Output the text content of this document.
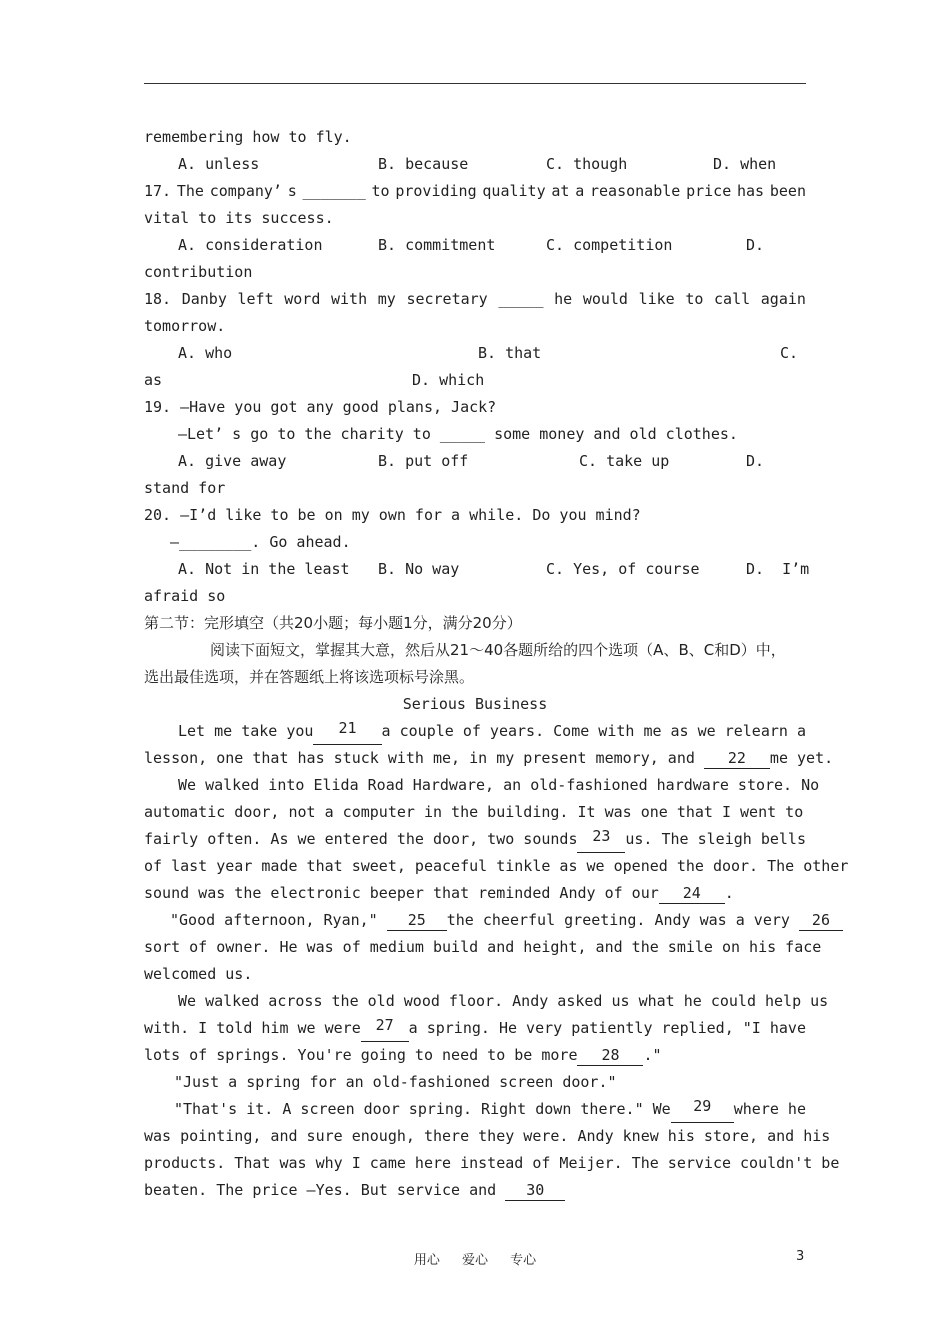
remembering how to fly.

A. unless

	B. because

	C. though

	D. when

17. The company’ s _______ to providing quality at a reasonable price has been
vital to its success.

A. consideration

	B. commitment

	C. competition

	D.

contribution
18. Danby left word with my secretary _____ he would like to call again
tomorrow.

A. who

	B. that

	C.

as

	D. which

19. —Have you got any good plans, Jack?
—Let’ s go to the charity to _____ some money and old clothes.

A. give away

	B. put off

	C. take up

	D.

stand for
20. —I’d like to be on my own for a while. Do you mind?
—________. Go ahead.

A. Not in the least

B. No way

	C. Yes, of course

	D.  I’m

afraid so
第二节：完形填空（共20小题；每小题1分，满分20分）
阅读下面短文，掌握其大意，然后从21～40各题所给的四个选项（A、B、C和D）中，
选出最佳选项，并在答题纸上将该选项标号涂黑。
Serious Business
Let me take you	21	a couple of years. Come with me as we relearn a
lesson, one that has stuck with me, in my present memory, and 22 me yet.
We walked into Elida Road Hardware, an old-fashioned hardware store. No
automatic door, not a computer in the building. It was one that I went to
fairly often. As we entered the door, two sounds 23 us. The sleigh bells
of last year made that sweet, peaceful tinkle as we opened the door. The other
sound was the electronic beeper that reminded Andy of our 24 .
"Good afternoon, Ryan," 25 the cheerful greeting. Andy was a very 26
sort of owner. He was of medium build and height, and the smile on his face
welcomed us.
We walked across the old wood floor. Andy asked us what he could help us
with. I told him we were 27 a spring. He very patiently replied, "I have
lots of springs. You're going to need to be more 28 ."
"Just a spring for an old-fashioned screen door."
"That's it. A screen door spring. Right down there." We	29	where he
was pointing, and sure enough, there they were. Andy knew his store, and his
products. That was why I came here instead of Meijer. The service couldn't be
beaten. The price —Yes. But service and 30
用心 爱心 专心	3
